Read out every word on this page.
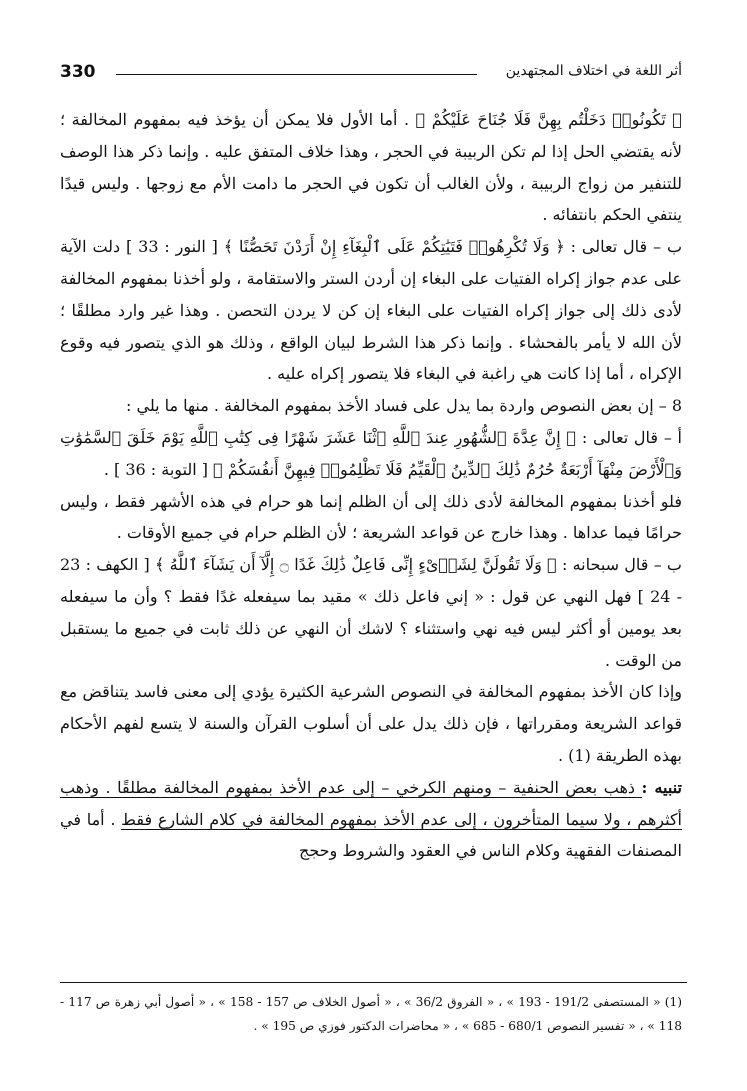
330	أثر اللغة في اختلاف المجتهدين

﴿ تَكُونُوا۟ دَخَلْتُم بِهِنَّ فَلَا جُنَاحَ عَلَيْكُمْ ﴾ . أما الأول فلا يمكن أن يؤخذ فيه بمفهوم المخالفة ؛ لأنه يقتضي الحل إذا لم تكن الربيبة في الحجر ، وهذا خلاف المتفق عليه . وإنما ذكر هذا الوصف للتنفير من زواج الربيبة ، ولأن الغالب أن تكون في الحجر ما دامت الأم مع زوجها . وليس قيدًا ينتفي الحكم بانتفائه .

ب – قال تعالى : ﴿ وَلَا تُكْرِهُوا۟ فَتَيَٰتِكُمْ عَلَى ٱلْبِغَآءِ إِنْ أَرَدْنَ تَحَصُّنًا ﴾ [ النور : 33 ] دلت الآية على عدم جواز إكراه الفتيات على البغاء إن أردن الستر والاستقامة ، ولو أخذنا بمفهوم المخالفة لأدى ذلك إلى جواز إكراه الفتيات على البغاء إن كن لا يردن التحصن . وهذا غير وارد مطلقًا ؛ لأن الله لا يأمر بالفحشاء . وإنما ذكر هذا الشرط لبيان الواقع ، وذلك هو الذي يتصور فيه وقوع الإكراه ، أما إذا كانت هي راغبة في البغاء فلا يتصور إكراه عليه .

8 – إن بعض النصوص واردة بما يدل على فساد الأخذ بمفهوم المخالفة . منها ما يلي :

أ – قال تعالى : ﴿ إِنَّ عِدَّةَ ٱلشُّهُورِ عِندَ ٱللَّهِ ٱثْنَا عَشَرَ شَهْرًا فِى كِتَٰبِ ٱللَّهِ يَوْمَ خَلَقَ ٱلسَّمَٰوَٰتِ وَٱلْأَرْضَ مِنْهَآ أَرْبَعَةٌ حُرُمٌ ذَٰلِكَ ٱلدِّينُ ٱلْقَيِّمُ فَلَا تَظْلِمُوا۟ فِيهِنَّ أَنفُسَكُمْ ﴾ [ التوبة : 36 ] .

فلو أخذنا بمفهوم المخالفة لأدى ذلك إلى أن الظلم إنما هو حرام في هذه الأشهر فقط ، وليس حرامًا فيما عداها . وهذا خارج عن قواعد الشريعة ؛ لأن الظلم حرام في جميع الأوقات .

ب – قال سبحانه : ﴿ وَلَا تَقُولَنَّ لِشَا۟ىْءٍ إِنِّى فَاعِلٌ ذَٰلِكَ غَدًا ۝ إِلَّآ أَن يَشَآءَ ٱللَّهُ ﴾ [ الكهف : 23 - 24 ] فهل النهي عن قول : « إني فاعل ذلك » مقيد بما سيفعله غدًا فقط ؟ وأن ما سيفعله بعد يومين أو أكثر ليس فيه نهي واستثناء ؟ لاشك أن النهي عن ذلك ثابت في جميع ما يستقبل من الوقت .

وإذا كان الأخذ بمفهوم المخالفة في النصوص الشرعية الكثيرة يؤدي إلى معنى فاسد يتناقض مع قواعد الشريعة ومقرراتها ، فإن ذلك يدل على أن أسلوب القرآن والسنة لا يتسع لفهم الأحكام بهذه الطريقة (1) .

تنبيه : ذهب بعض الحنفية – ومنهم الكرخي – إلى عدم الأخذ بمفهوم المخالفة مطلقًا . وذهب أكثرهم ، ولا سيما المتأخرون ، إلى عدم الأخذ بمفهوم المخالفة في كلام الشارع فقط . أما في المصنفات الفقهية وكلام الناس في العقود والشروط وحجج

(1) « المستصفى 191/2 - 193 » ، « الفروق 36/2 » ، « أصول الخلاف ص 157 - 158 » ، « أصول أبي زهرة ص 117 - 118 » ، « تفسير النصوص 680/1 - 685 » ، « محاضرات الدكتور فوزي ص 195 » .
